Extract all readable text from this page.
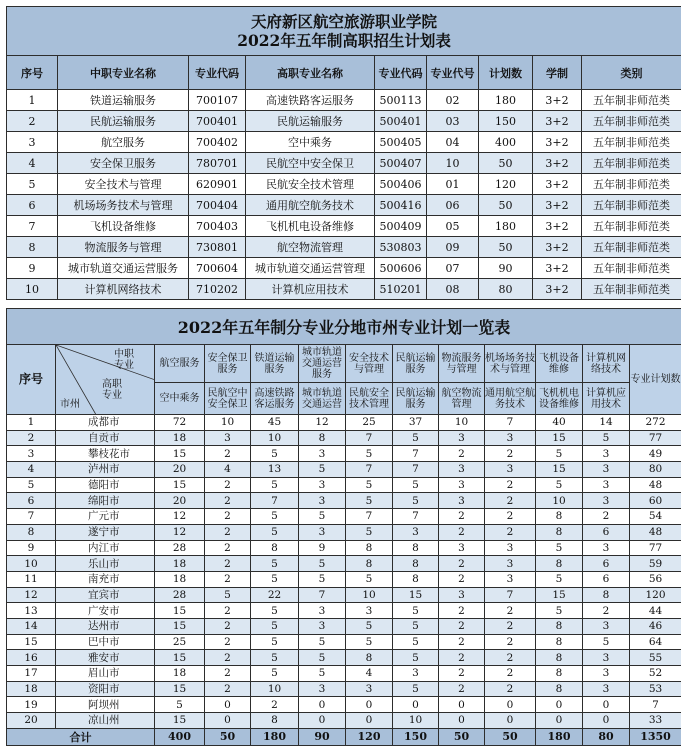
天府新区航空旅游职业学院
2022年五年制高职招生计划表								

序号	中职专业名称	专业代码	高职专业名称	专业代码	专业代号	计划数	学制	类别
1	铁道运输服务	700107	高速铁路客运服务	500113	02	180	3+2	五年制非师范类
2	民航运输服务	700401	民航运输服务	500401	03	150	3+2	五年制非师范类
3	航空服务	700402	空中乘务	500405	04	400	3+2	五年制非师范类
4	安全保卫服务	780701	民航空中安全保卫	500407	10	50	3+2	五年制非师范类
5	安全技术与管理	620901	民航安全技术管理	500406	01	120	3+2	五年制非师范类
6	机场场务技术与管理	700404	通用航空航务技术	500416	06	50	3+2	五年制非师范类
7	飞机设备维修	700403	飞机机电设备维修	500409	05	180	3+2	五年制非师范类
8	物流服务与管理	730801	航空物流管理	530803	09	50	3+2	五年制非师范类
9	城市轨道交通运营服务	700604	城市轨道交通运营管理	500606	07	90	3+2	五年制非师范类
10	计算机网络技术	710202	计算机应用技术	510201	08	80	3+2	五年制非师范类
2022年五年制分专业分地市州专业计划一览表												
序号	中职
专业
高职
专业
市州	航空服务	安全保卫服务	铁道运输服务	城市轨道交通运营服务	安全技术与管理	民航运输服务	物流服务与管理	机场场务技术与管理	飞机设备维修	计算机网络技术	专业计划数
		空中乘务	民航空中安全保卫	高速铁路客运服务	城市轨道交通运营	民航安全技术管理	民航运输服务	航空物流管理	通用航空航务技术	飞机机电设备维修	计算机应用技术	
1	成都市	72	10	45	12	25	37	10	7	40	14	272
2	自贡市	18	3	10	8	7	5	3	3	15	5	77
3	攀枝花市	15	2	5	3	5	7	2	2	5	3	49
4	泸州市	20	4	13	5	7	7	3	3	15	3	80
5	德阳市	15	2	5	3	5	5	3	2	5	3	48
6	绵阳市	20	2	7	3	5	5	3	2	10	3	60
7	广元市	12	2	5	5	7	7	2	2	8	2	54
8	遂宁市	12	2	5	3	5	3	2	2	8	6	48
9	内江市	28	2	8	9	8	8	3	3	5	3	77
10	乐山市	18	2	5	5	8	8	2	3	8	6	59
11	南充市	18	2	5	5	5	8	2	3	5	6	56
12	宜宾市	28	5	22	7	10	15	3	7	15	8	120
13	广安市	15	2	5	3	3	5	2	2	5	2	44
14	达州市	15	2	5	3	5	5	2	2	8	3	46
15	巴中市	25	2	5	5	5	5	2	2	8	5	64
16	雅安市	15	2	5	5	8	5	2	2	8	3	55
17	眉山市	18	2	5	5	4	3	2	2	8	3	52
18	资阳市	15	2	10	3	3	5	2	2	8	3	53
19	阿坝州	5	0	2	0	0	0	0	0	0	0	7
20	凉山州	15	0	8	0	0	10	0	0	0	0	33
合计		400	50	180	90	120	150	50	50	180	80	1350
